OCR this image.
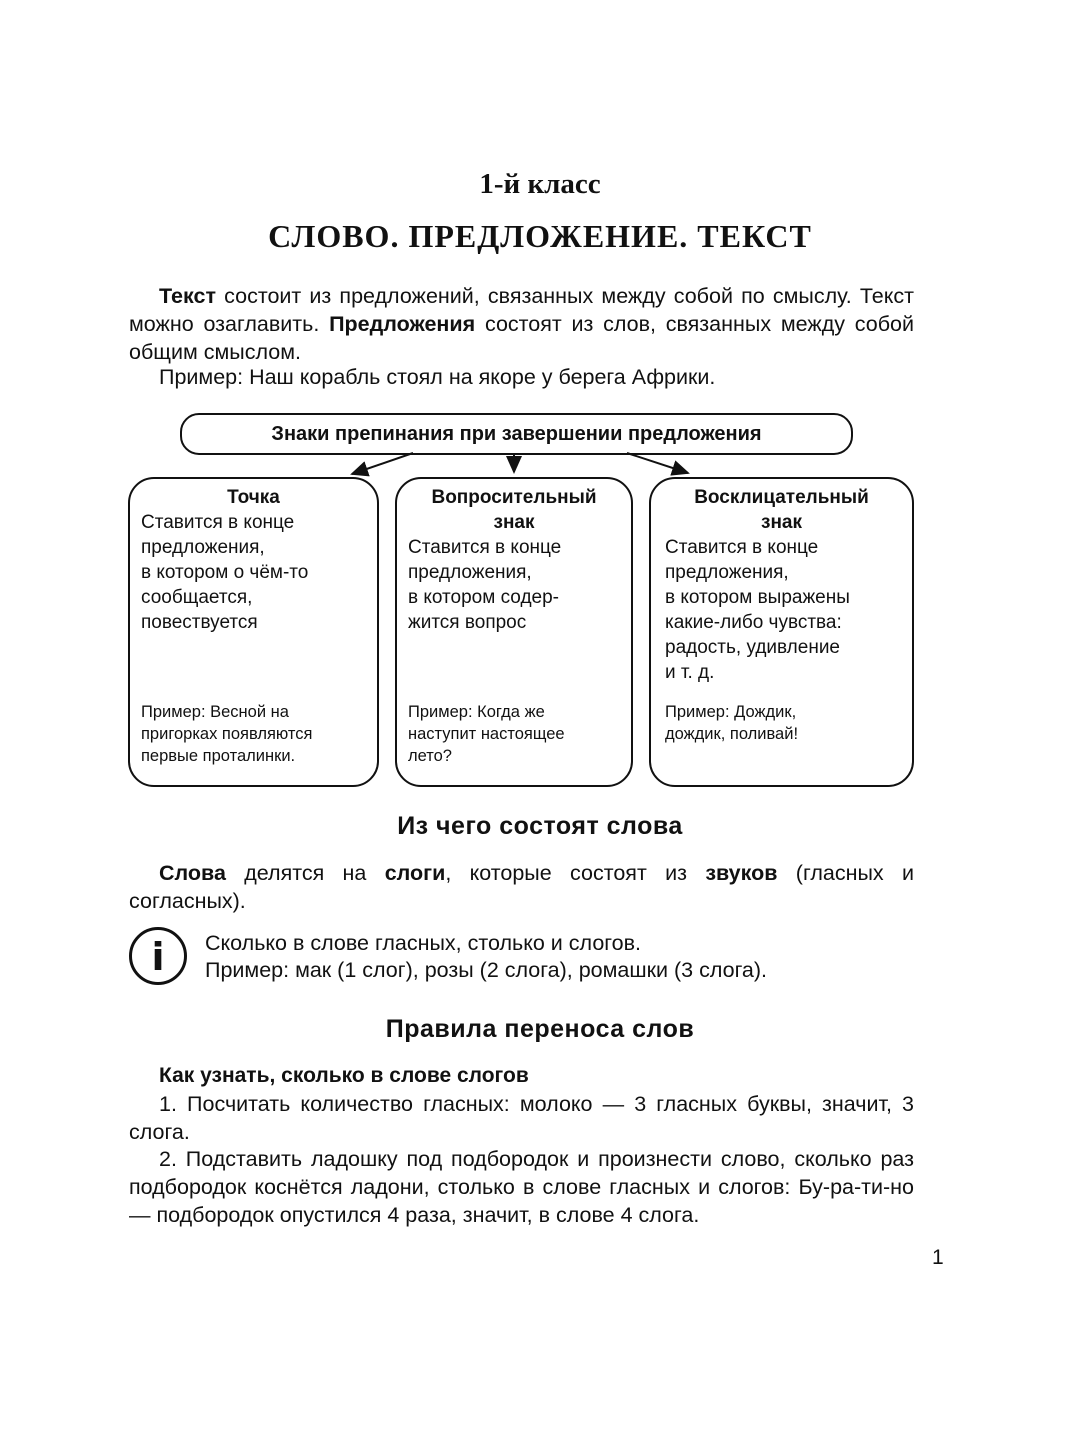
1-й класс
СЛОВО. ПРЕДЛОЖЕНИЕ. ТЕКСТ
Текст состоит из предложений, связанных между собой по смыслу. Текст можно озаглавить. Предложения состоят из слов, связанных между собой общим смыслом.
Пример: Наш корабль стоял на якоре у берега Африки.
Знаки препинания при завершении предложения
Точка
Ставится в конце
предложения,
в котором о чём-то
сообщается,
повествуется
Пример: Весной на
пригорках появляются
первые проталинки.
Вопросительный знак
Ставится в конце
предложения,
в котором содер-
жится вопрос
Пример: Когда же
наступит настоящее
лето?
Восклицательный знак
Ставится в конце
предложения,
в котором выражены
какие-либо чувства:
радость, удивление
и т. д.
Пример: Дождик,
дождик, поливай!
Из чего состоят слова
Слова делятся на слоги, которые состоят из звуков (гласных и согласных).
i	Сколько в слове гласных, столько и слогов.
Пример: мак (1 слог), розы (2 слога), ромашки (3 слога).
Правила переноса слов
Как узнать, сколько в слове слогов
1. Посчитать количество гласных: молоко — 3 гласных буквы, значит, 3 слога.
2. Подставить ладошку под подбородок и произнести слово, сколько раз подбородок коснётся ладони, столько в слове гласных и слогов: Бу-ра-ти-но — подбородок опустился 4 раза, значит, в слове 4 слога.
1
